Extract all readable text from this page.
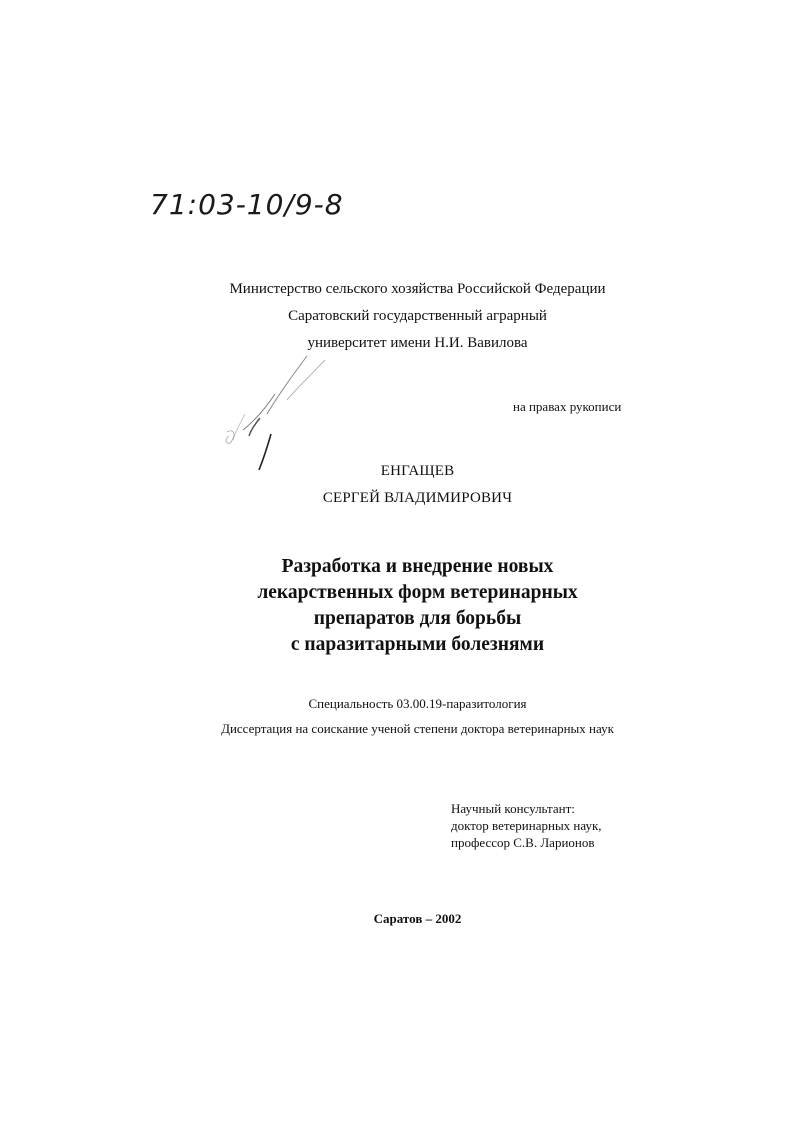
71:03-10/9-8
Министерство сельского хозяйства Российской Федерации
Саратовский государственный аграрный
университет имени Н.И. Вавилова
на правах рукописи
ЕНГАЩЕВ
СЕРГЕЙ ВЛАДИМИРОВИЧ
Разработка и внедрение новых
лекарственных форм ветеринарных
препаратов для борьбы
с паразитарными болезнями
Специальность 03.00.19-паразитология
Диссертация на соискание ученой степени доктора ветеринарных наук
Научный консультант:
доктор ветеринарных наук,
профессор С.В. Ларионов
Саратов – 2002
